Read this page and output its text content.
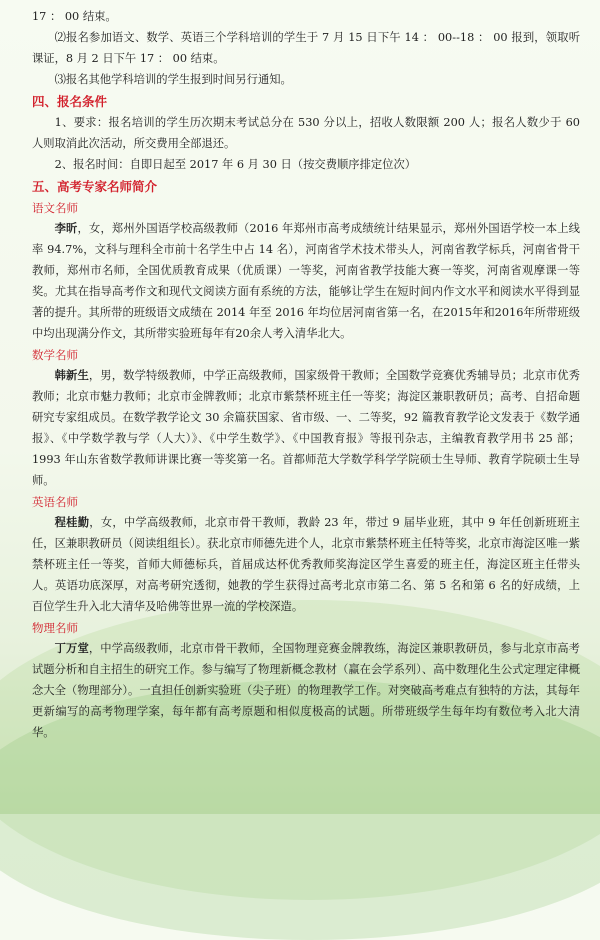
17 ： 00 结束。

⑵报名参加语文、数学、英语三个学科培训的学生于 7 月 15 日下午 14 ： 00--18 ： 00 报到，领取听课证，8 月 2 日下午 17 ： 00 结束。

⑶报名其他学科培训的学生报到时间另行通知。

四、报名条件

1、要求：报名培训的学生历次期末考试总分在 530 分以上，招收人数限额 200 人；报名人数少于 60 人则取消此次活动，所交费用全部退还。

2、报名时间：自即日起至 2017 年 6 月 30 日（按交费顺序排定位次）

五、高考专家名师简介
语文名师

李昕，女，郑州外国语学校高级教师（2016 年郑州市高考成绩统计结果显示，郑州外国语学校一本上线率 94.7%，文科与理科全市前十名学生中占 14 名），河南省学术技术带头人，河南省教学标兵，河南省骨干教师，郑州市名师，全国优质教育成果（优质课）一等奖，河南省教学技能大赛一等奖，河南省观摩课一等奖。尤其在指导高考作文和现代文阅读方面有系统的方法，能够让学生在短时间内作文水平和阅读水平得到显著的提升。其所带的班级语文成绩在 2014 年至 2016 年均位居河南省第一名，在2015年和2016年所带班级中均出现满分作文，其所带实验班每年有20余人考入清华北大。

数学名师

韩新生，男，数学特级教师，中学正高级教师，国家级骨干教师；全国数学竞赛优秀辅导员；北京市优秀教师；北京市魅力教师；北京市金牌教师；北京市紫禁杯班主任一等奖；海淀区兼职教研员；高考、自招命题研究专家组成员。在数学教学论文 30 余篇获国家、省市级、一、二等奖，92 篇教育教学论文发表于《数学通报》、《中学数学教与学（人大）》、《中学生数学》、《中国教育报》等报刊杂志，主编教育教学用书 25 部；1993 年山东省数学教师讲课比赛一等奖第一名。首都师范大学数学科学学院硕士生导师、教育学院硕士生导师。

英语名师

程桂勤，女，中学高级教师，北京市骨干教师，教龄 23 年，带过 9 届毕业班，其中 9 年任创新班班主任，区兼职教研员（阅读组组长）。获北京市师德先进个人，北京市紫禁杯班主任特等奖，北京市海淀区唯一紫禁杯班主任一等奖，首师大师德标兵，首届成达杯优秀教师奖海淀区学生喜爱的班主任，海淀区班主任带头人。英语功底深厚，对高考研究透彻，她教的学生获得过高考北京市第二名、第 5 名和第 6 名的好成绩，上百位学生升入北大清华及哈佛等世界一流的学校深造。

物理名师

丁万堂，中学高级教师，北京市骨干教师，全国物理竞赛金牌教练，海淀区兼职教研员，参与北京市高考试题分析和自主招生的研究工作。参与编写了物理新概念教材（赢在会学系列）、高中数理化生公式定理定律概念大全（物理部分）。一直担任创新实验班（尖子班）的物理教学工作。对突破高考难点有独特的方法，其每年更新编写的高考物理学案，每年都有高考原题和相似度极高的试题。所带班级学生每年均有数位考入北大清华。
